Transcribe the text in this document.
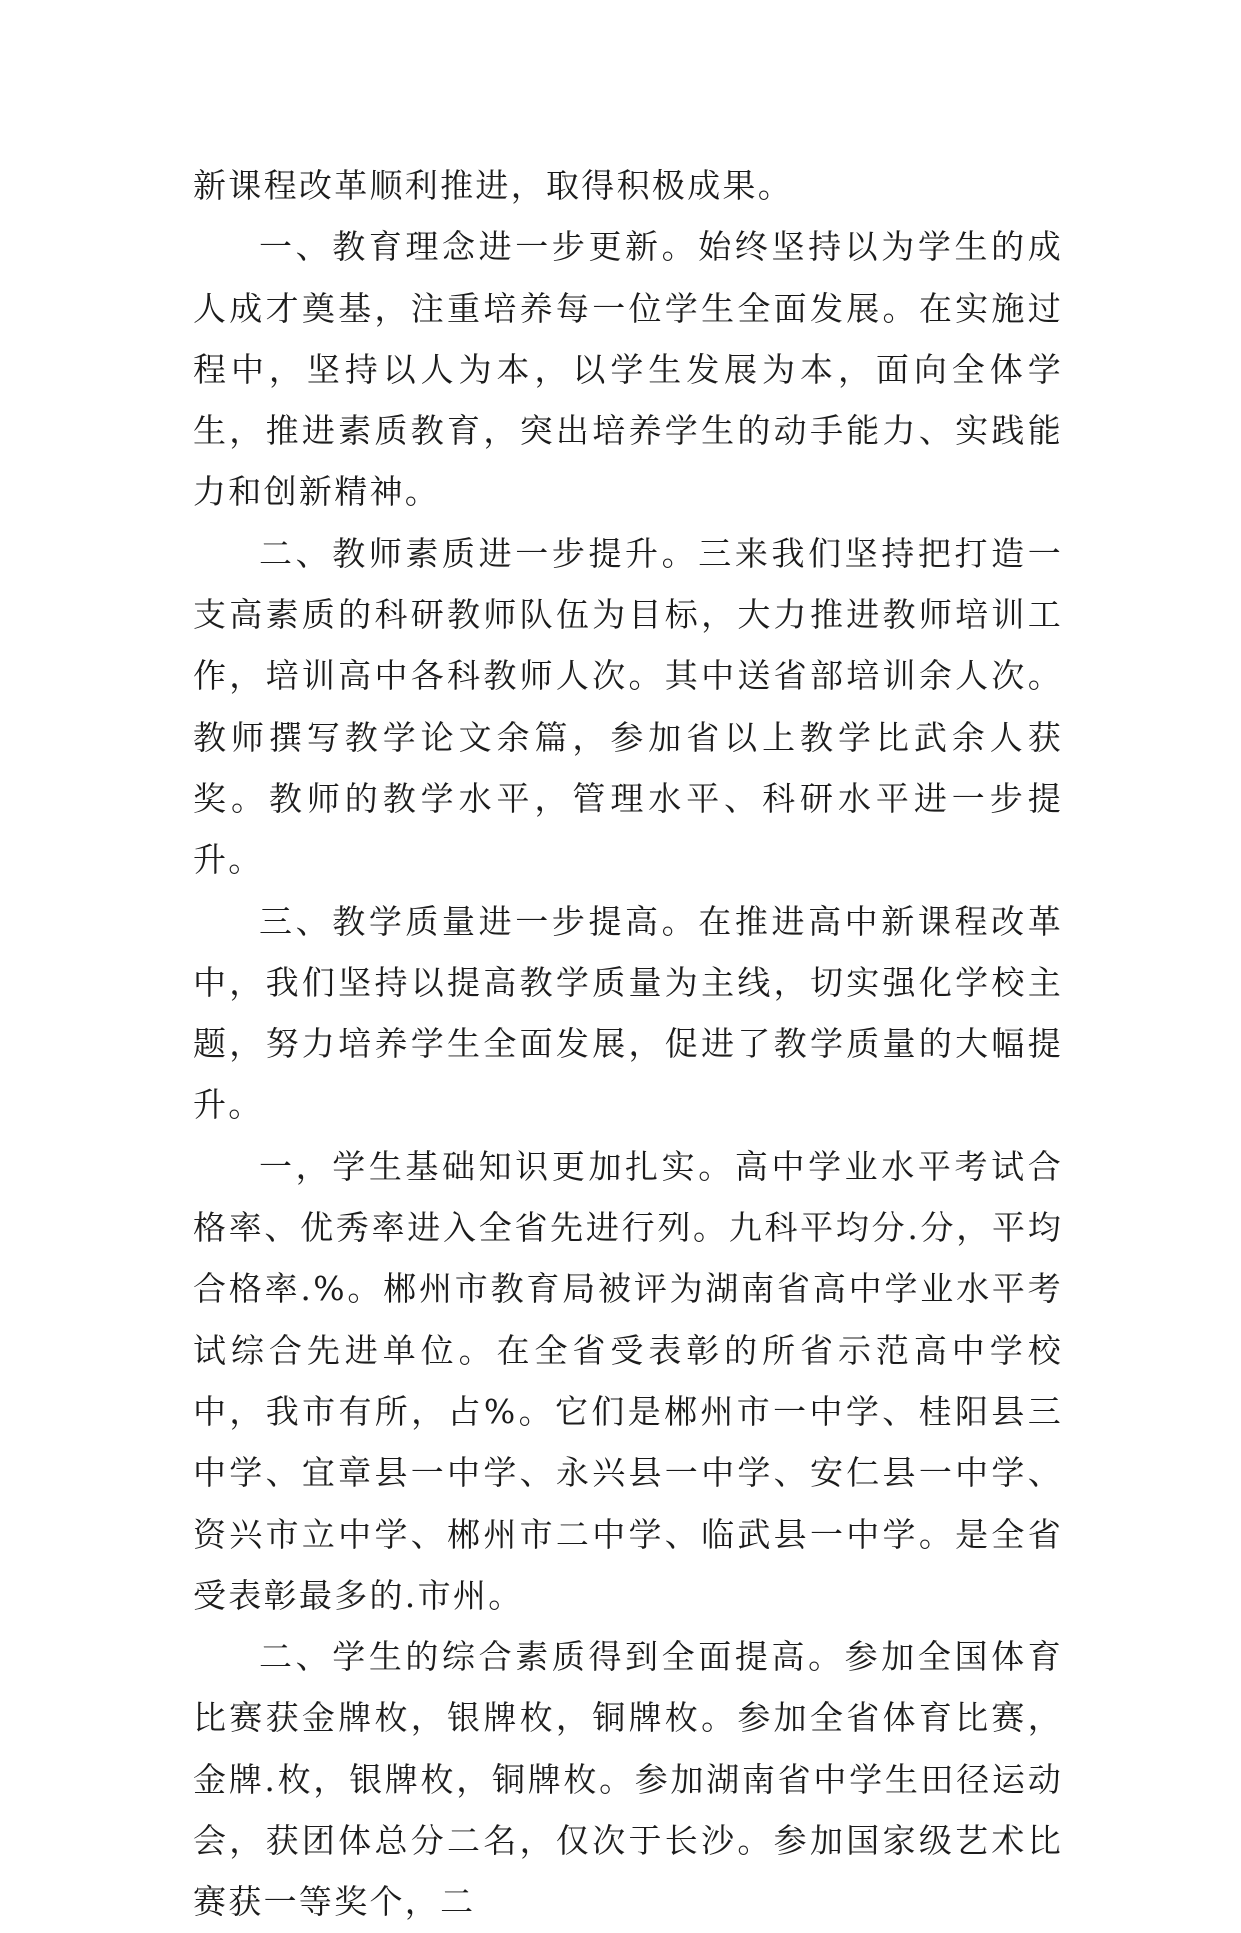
新课程改革顺利推进，取得积极成果。

一、教育理念进一步更新。始终坚持以为学生的成人成才奠基，注重培养每一位学生全面发展。在实施过程中，坚持以人为本，以学生发展为本，面向全体学生，推进素质教育，突出培养学生的动手能力、实践能力和创新精神。

二、教师素质进一步提升。三来我们坚持把打造一支高素质的科研教师队伍为目标，大力推进教师培训工作，培训高中各科教师人次。其中送省部培训余人次。教师撰写教学论文余篇，参加省以上教学比武余人获奖。教师的教学水平，管理水平、科研水平进一步提升。

三、教学质量进一步提高。在推进高中新课程改革中，我们坚持以提高教学质量为主线，切实强化学校主题，努力培养学生全面发展，促进了教学质量的大幅提升。

一，学生基础知识更加扎实。高中学业水平考试合格率、优秀率进入全省先进行列。九科平均分.分，平均合格率.%。郴州市教育局被评为湖南省高中学业水平考试综合先进单位。在全省受表彰的所省示范高中学校中，我市有所，占%。它们是郴州市一中学、桂阳县三中学、宜章县一中学、永兴县一中学、安仁县一中学、资兴市立中学、郴州市二中学、临武县一中学。是全省受表彰最多的.市州。

二、学生的综合素质得到全面提高。参加全国体育比赛获金牌枚，银牌枚，铜牌枚。参加全省体育比赛，金牌.枚，银牌枚，铜牌枚。参加湖南省中学生田径运动会，获团体总分二名，仅次于长沙。参加国家级艺术比赛获一等奖个，二
